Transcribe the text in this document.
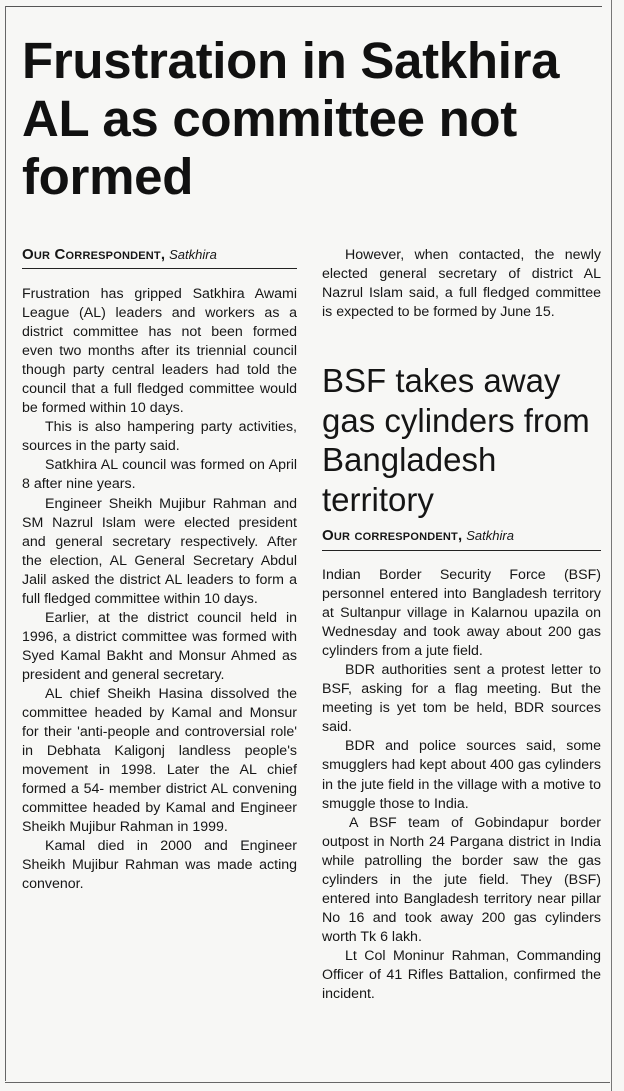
Frustration in Satkhira AL as committee not formed
Our Correspondent, Satkhira

Frustration has gripped Satkhira Awami League (AL) leaders and workers as a district committee has not been formed even two months after its triennial council though party central leaders had told the council that a full fledged committee would be formed within 10 days.

This is also hampering party activities, sources in the party said.

Satkhira AL council was formed on April 8 after nine years.

Engineer Sheikh Mujibur Rahman and SM Nazrul Islam were elected president and general secretary respectively. After the election, AL General Secretary Abdul Jalil asked the district AL leaders to form a full fledged committee within 10 days.

Earlier, at the district council held in 1996, a district committee was formed with Syed Kamal Bakht and Monsur Ahmed as president and general secretary.

AL chief Sheikh Hasina dissolved the committee headed by Kamal and Monsur for their 'anti-people and controversial role' in Debhata Kaligonj landless people's movement in 1998. Later the AL chief formed a 54- member district AL convening committee headed by Kamal and Engineer Sheikh Mujibur Rahman in 1999.

Kamal died in 2000 and Engineer Sheikh Mujibur Rahman was made acting convenor.

However, when contacted, the newly elected general secretary of district AL Nazrul Islam said, a full fledged committee is expected to be formed by June 15.

BSF takes away gas cylinders from Bangladesh territory
Our correspondent, Satkhira

Indian Border Security Force (BSF) personnel entered into Bangladesh territory at Sultanpur village in Kalarnou upazila on Wednesday and took away about 200 gas cylinders from a jute field.

BDR authorities sent a protest letter to BSF, asking for a flag meeting. But the meeting is yet tom be held, BDR sources said.

BDR and police sources said, some smugglers had kept about 400 gas cylinders in the jute field in the village with a motive to smuggle those to India.

A BSF team of Gobindapur border outpost in North 24 Pargana district in India while patrolling the border saw the gas cylinders in the jute field. They (BSF) entered into Bangladesh territory near pillar No 16 and took away 200 gas cylinders worth Tk 6 lakh.

Lt Col Moninur Rahman, Commanding Officer of 41 Rifles Battalion, confirmed the incident.
